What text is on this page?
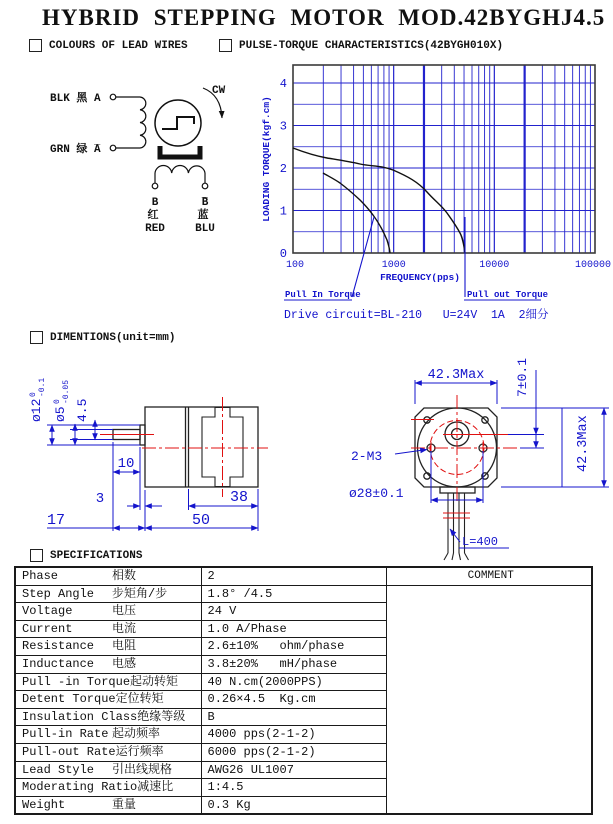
HYBRID STEPPING MOTOR MOD.42BYGHJ4.5
COLOURS OF LEAD WIRES	PULSE-TORQUE CHARACTERISTICS(42BYGH010X)
DIMENTIONS(unit=mm)
BLK 黑 A
GRN 绿 A̅
CW
B
红
RED
B̅
蓝
BLU
4
3
2
1
0
100	1000	10000	100000
LOADING TORQUE(kgf.cm)
FREQUENCY(pps)
Pull In Torque	Pull out Torque
Drive circuit=BL-210   U=24V  1A  2细分
ø12
0 -0.1
ø5
0 -0.05
4.5
10
3
17	50
38
42.3Max
42.3Max
7±0.1
2-M3
ø28±0.1
L=400
SPECIFICATIONS
Phase 相数	2	COMMENT
Step Angle 步矩角/步	1.8° /4.5	
Voltage 电压	24 V	
Current 电流	1.0 A/Phase	
Resistance 电阻	2.6±10%   ohm/phase	
Inductance 电感	3.8±20%   mH/phase	
Pull -in Torque起动转矩	40 N.cm(2000PPS)	
Detent Torque定位转矩	0.26×4.5  Kg.cm	
Insulation Class绝缘等级	B	
Pull-in Rate 起动频率	4000 pps(2-1-2)	
Pull-out Rate运行频率	6000 pps(2-1-2)	
Lead Style 引出线规格	AWG26 UL1007	
Moderating Ratio减速比	1:4.5	
Weight 重量	0.3 Kg	
